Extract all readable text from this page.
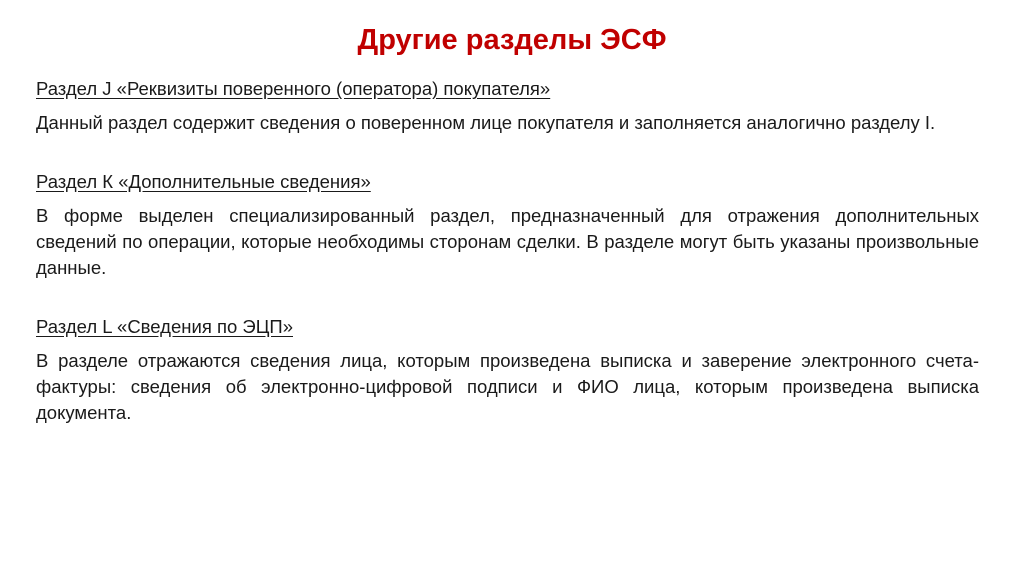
Другие разделы ЭСФ

Раздел J «Реквизиты поверенного (оператора) покупателя»

Данный раздел содержит сведения о поверенном лице покупателя и заполняется аналогично разделу I.

Раздел К «Дополнительные сведения»

В форме выделен специализированный раздел, предназначенный для отражения дополнительных сведений по операции, которые необходимы сторонам сделки. В разделе могут быть указаны произвольные данные.

Раздел L «Сведения по ЭЦП»

В разделе отражаются сведения лица, которым произведена выписка и заверение электронного счета-фактуры: сведения об электронно-цифровой подписи и ФИО лица, которым произведена выписка документа.
